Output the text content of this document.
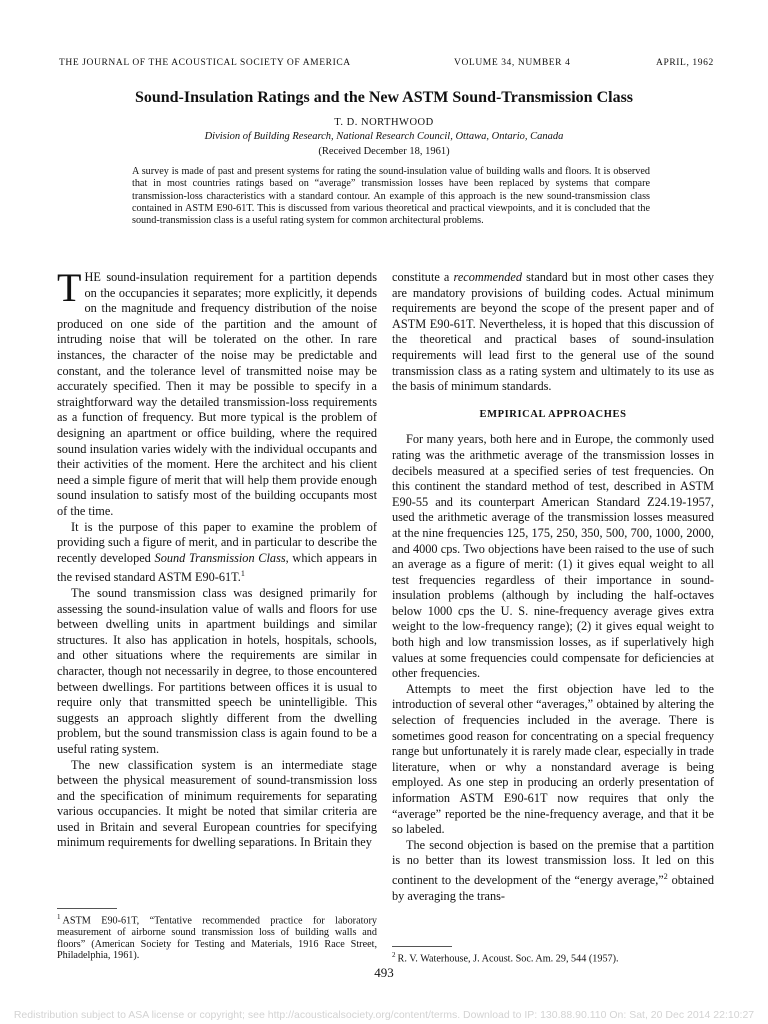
THE JOURNAL OF THE ACOUSTICAL SOCIETY OF AMERICA	VOLUME 34, NUMBER 4	APRIL, 1962
Sound-Insulation Ratings and the New ASTM Sound-Transmission Class
T. D. NORTHWOOD
Division of Building Research, National Research Council, Ottawa, Ontario, Canada
(Received December 18, 1961)
A survey is made of past and present systems for rating the sound-insulation value of building walls and floors. It is observed that in most countries ratings based on “average” transmission losses have been replaced by systems that compare transmission-loss characteristics with a standard contour. An example of this approach is the new sound-transmission class contained in ASTM E90-61T. This is discussed from various theoretical and practical viewpoints, and it is concluded that the sound-transmission class is a useful rating system for common architectural problems.

THE sound-insulation requirement for a partition depends on the occupancies it separates; more explicitly, it depends on the magnitude and frequency distribution of the noise produced on one side of the partition and the amount of intruding noise that will be tolerated on the other. In rare instances, the character of the noise may be predictable and constant, and the tolerance level of transmitted noise may be accurately specified. Then it may be possible to specify in a straightforward way the detailed transmission-loss requirements as a function of frequency. But more typical is the problem of designing an apartment or office building, where the required sound insulation varies widely with the individual occupants and their activities of the moment. Here the architect and his client need a simple figure of merit that will help them provide enough sound insulation to satisfy most of the building occupants most of the time.

It is the purpose of this paper to examine the problem of providing such a figure of merit, and in particular to describe the recently developed Sound Transmission Class, which appears in the revised standard ASTM E90-61T.$^1$

The sound transmission class was designed primarily for assessing the sound-insulation value of walls and floors for use between dwelling units in apartment buildings and similar structures. It also has application in hotels, hospitals, schools, and other situations where the requirements are similar in character, though not necessarily in degree, to those encountered between dwellings. For partitions between offices it is usual to require only that transmitted speech be unintelligible. This suggests an approach slightly different from the dwelling problem, but the sound transmission class is again found to be a useful rating system.

The new classification system is an intermediate stage between the physical measurement of sound-transmission loss and the specification of minimum requirements for separating various occupancies. It might be noted that similar criteria are used in Britain and several European countries for specifying minimum requirements for dwelling separations. In Britain they

$^1$  ASTM E90-61T, “Tentative recommended practice for laboratory measurement of airborne sound transmission loss of building walls and floors” (American Society for Testing and Materials, 1916 Race Street, Philadelphia, 1961).

constitute a recommended standard but in most other cases they are mandatory provisions of building codes. Actual minimum requirements are beyond the scope of the present paper and of ASTM E90-61T. Nevertheless, it is hoped that this discussion of the theoretical and practical bases of sound-insulation requirements will lead first to the general use of the sound transmission class as a rating system and ultimately to its use as the basis of minimum standards.

EMPIRICAL APPROACHES

For many years, both here and in Europe, the commonly used rating was the arithmetic average of the transmission losses in decibels measured at a specified series of test frequencies. On this continent the standard method of test, described in ASTM E90-55 and its counterpart American Standard Z24.19-1957, used the arithmetic average of the transmission losses measured at the nine frequencies 125, 175, 250, 350, 500, 700, 1000, 2000, and 4000 cps. Two objections have been raised to the use of such an average as a figure of merit: (1) it gives equal weight to all test frequencies regardless of their importance in sound-insulation problems (although by including the half-octaves below 1000 cps the U. S. nine-frequency average gives extra weight to the low-frequency range); (2) it gives equal weight to both high and low transmission losses, as if superlatively high values at some frequencies could compensate for deficiencies at other frequencies.

Attempts to meet the first objection have led to the introduction of several other “averages,” obtained by altering the selection of frequencies included in the average. There is sometimes good reason for concentrating on a special frequency range but unfortunately it is rarely made clear, especially in trade literature, when or why a nonstandard average is being employed. As one step in producing an orderly presentation of information ASTM E90-61T now requires that only the “average” reported be the nine-frequency average, and that it be so labeled.

The second objection is based on the premise that a partition is no better than its lowest transmission loss. It led on this continent to the development of the “energy average,”$^2$ obtained by averaging the trans-

$^2$  R. V. Waterhouse, J. Acoust. Soc. Am. 29, 544 (1957).
493
Redistribution subject to ASA license or copyright; see http://acousticalsociety.org/content/terms. Download to IP: 130.88.90.110 On: Sat, 20 Dec 2014 22:10:27
